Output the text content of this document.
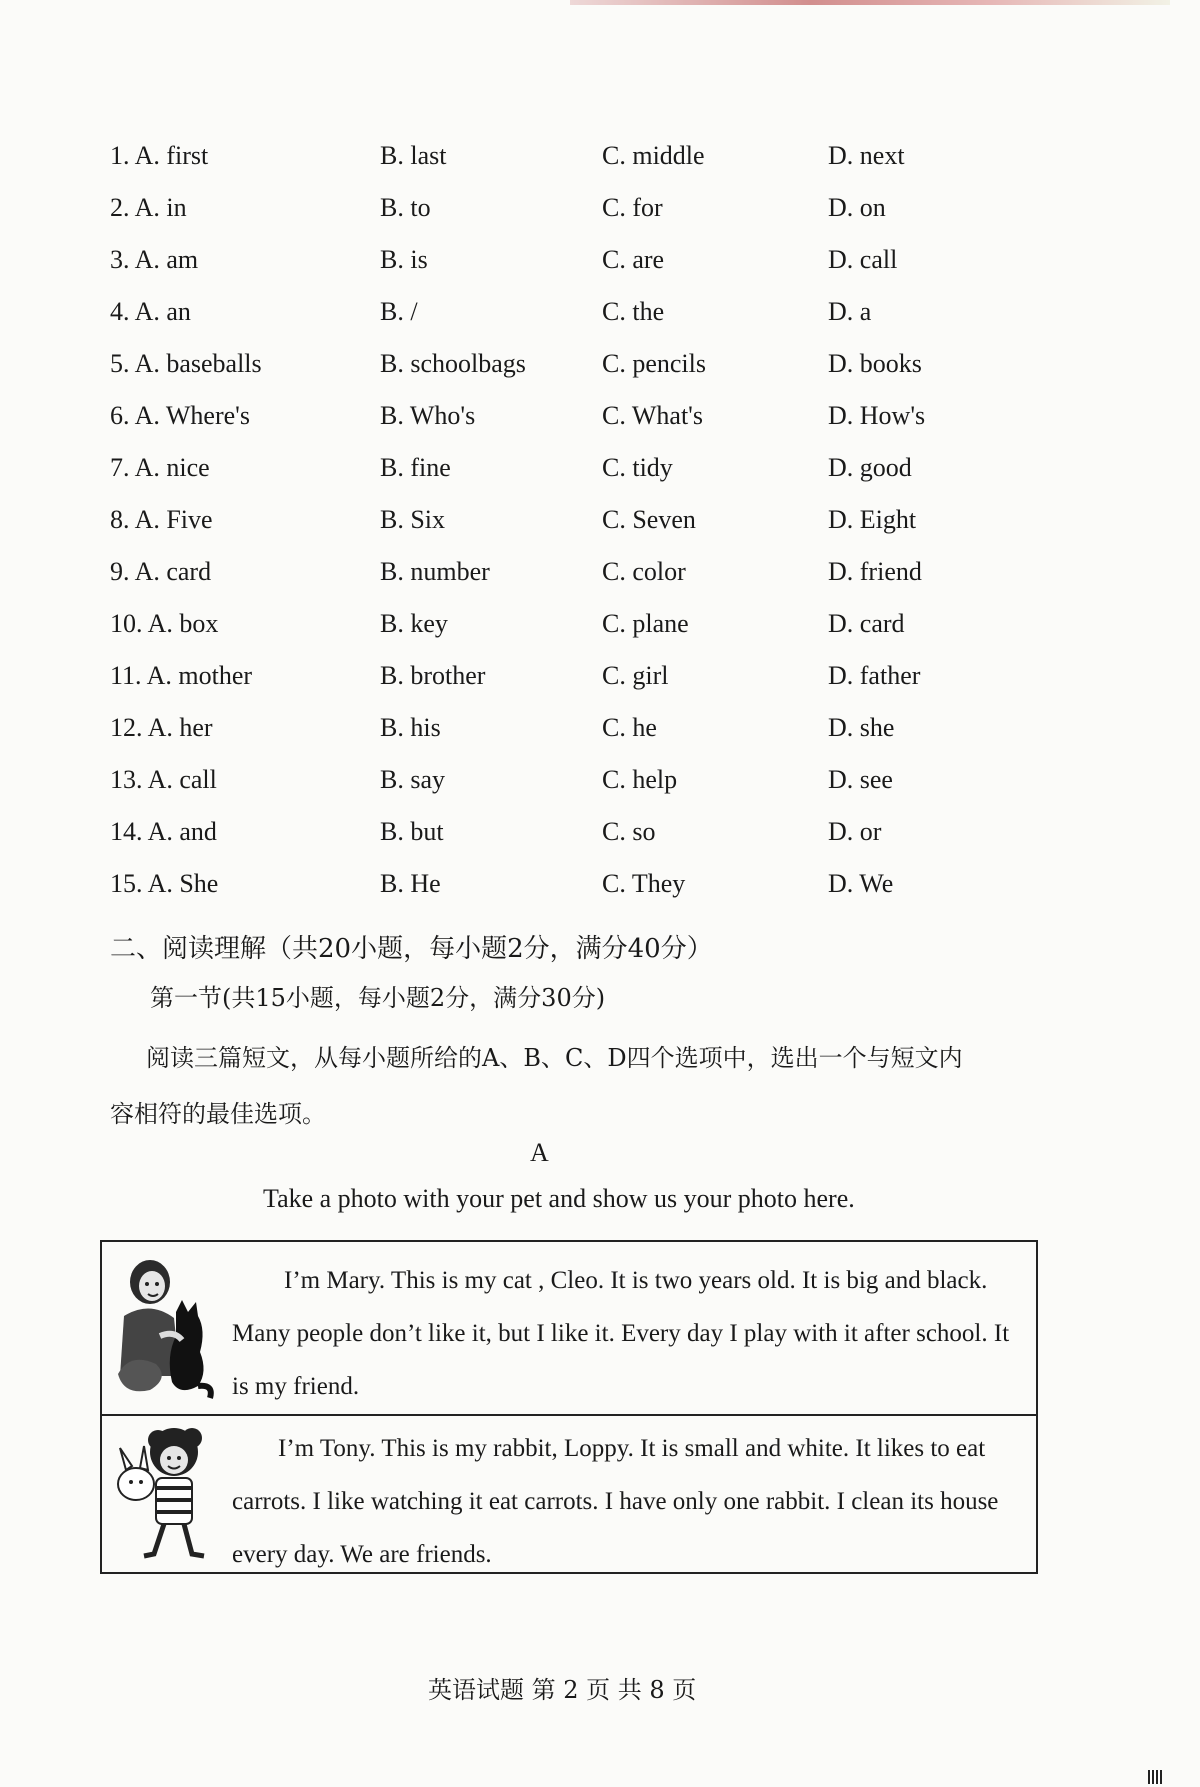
1. A. first	B. last	C. middle	D. next
2. A. in	B. to	C. for	D. on
3. A. am	B. is	C. are	D. call
4. A. an	B. /	C. the	D. a
5. A. baseballs	B. schoolbags	C. pencils	D. books
6. A. Where's	B. Who's	C. What's	D. How's
7. A. nice	B. fine	C. tidy	D. good
8. A. Five	B. Six	C. Seven	D. Eight
9. A. card	B. number	C. color	D. friend
10. A. box	B. key	C. plane	D. card
11. A. mother	B. brother	C. girl	D. father
12. A. her	B. his	C. he	D. she
13. A. call	B. say	C. help	D. see
14. A. and	B. but	C. so	D. or
15. A. She	B. He	C. They	D. We
二、阅读理解（共20小题，每小题2分，满分40分）
第一节(共15小题，每小题2分，满分30分)
阅读三篇短文，从每小题所给的A、B、C、D四个选项中，选出一个与短文内容相符的最佳选项。
A
Take a photo with your pet and show us your photo here.
I’m Mary. This is my cat , Cleo. It is two years old. It is big and black. Many people don’t like it, but I like it. Every day I play with it after school. It is my friend.
I’m Tony. This is my rabbit, Loppy. It is small and white. It likes to eat carrots. I like watching it eat carrots. I have only one rabbit. I clean its house every day. We are friends.
英语试题 第 2 页 共 8 页
